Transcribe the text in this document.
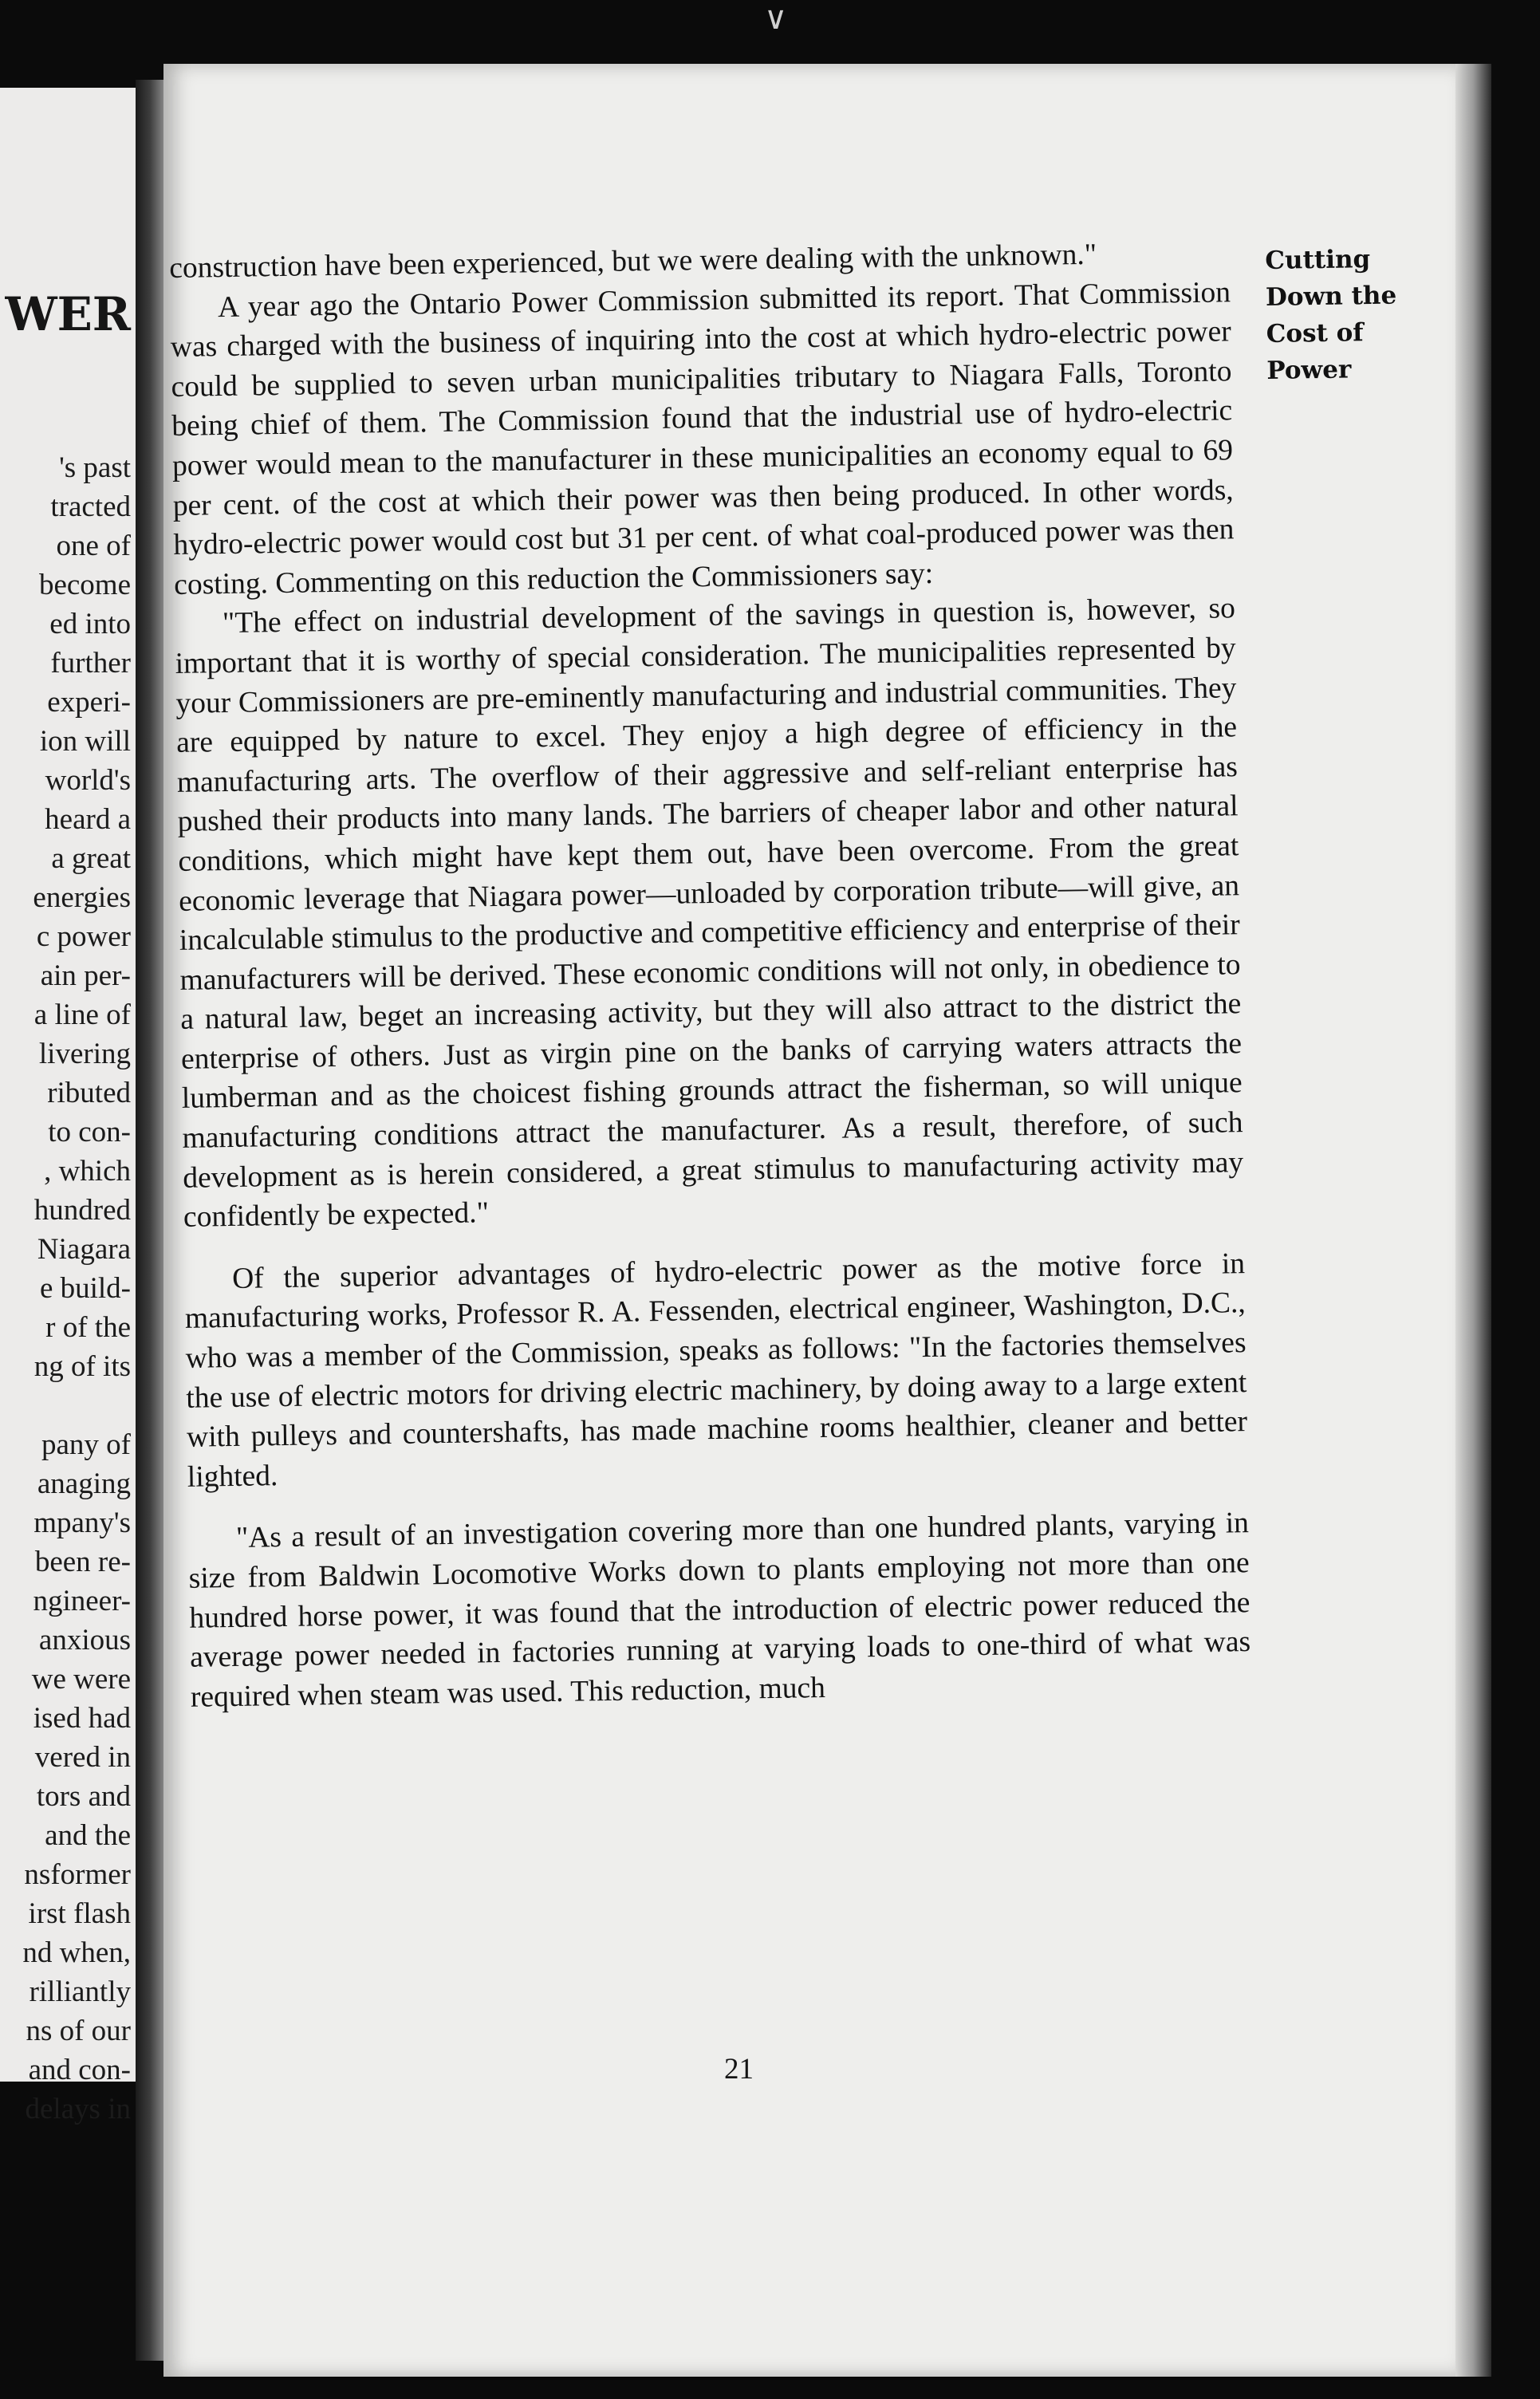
∨
WER
's past
tracted
one of
become
ed into
further
experi-
ion will
world's
heard a
a great
energies
c power
ain per-
a line of
livering
ributed
to con-
, which
hundred
Niagara
e build-
r of the
ng of its
pany of
anaging
mpany's
been re-
ngineer-
anxious
we were
ised had
vered in
tors and
and the
nsformer
irst flash
nd when,
rilliantly
ns of our
and con-
delays in
Cutting
Down the
Cost of
Power

construction have been experienced, but we were dealing with the unknown."

A year ago the Ontario Power Commission submitted its report. That Commission was charged with the business of inquiring into the cost at which hydro-electric power could be supplied to seven urban municipalities tributary to Niagara Falls, Toronto being chief of them. The Commission found that the industrial use of hydro-electric power would mean to the manufacturer in these municipalities an economy equal to 69 per cent. of the cost at which their power was then being produced. In other words, hydro-electric power would cost but 31 per cent. of what coal-produced power was then costing. Commenting on this reduction the Commissioners say:

"The effect on industrial development of the savings in question is, however, so important that it is worthy of special consideration. The municipalities represented by your Commissioners are pre-eminently manufacturing and industrial communities. They are equipped by nature to excel. They enjoy a high degree of efficiency in the manufacturing arts. The overflow of their aggressive and self-reliant enterprise has pushed their products into many lands. The barriers of cheaper labor and other natural conditions, which might have kept them out, have been overcome. From the great economic leverage that Niagara power—unloaded by corporation tribute—will give, an incalculable stimulus to the productive and competitive efficiency and enterprise of their manufacturers will be derived. These economic conditions will not only, in obedience to a natural law, beget an increasing activity, but they will also attract to the district the enterprise of others. Just as virgin pine on the banks of carrying waters attracts the lumberman and as the choicest fishing grounds attract the fisherman, so will unique manufacturing conditions attract the manufacturer. As a result, therefore, of such development as is herein considered, a great stimulus to manufacturing activity may confidently be expected."

Of the superior advantages of hydro-electric power as the motive force in manufacturing works, Professor R. A. Fessenden, electrical engineer, Washington, D.C., who was a member of the Commission, speaks as follows: "In the factories themselves the use of electric motors for driving electric machinery, by doing away to a large extent with pulleys and countershafts, has made machine rooms healthier, cleaner and better lighted.

"As a result of an investigation covering more than one hundred plants, varying in size from Baldwin Locomotive Works down to plants employing not more than one hundred horse power, it was found that the introduction of electric power reduced the average power needed in factories running at varying loads to one-third of what was required when steam was used. This reduction, much

21
